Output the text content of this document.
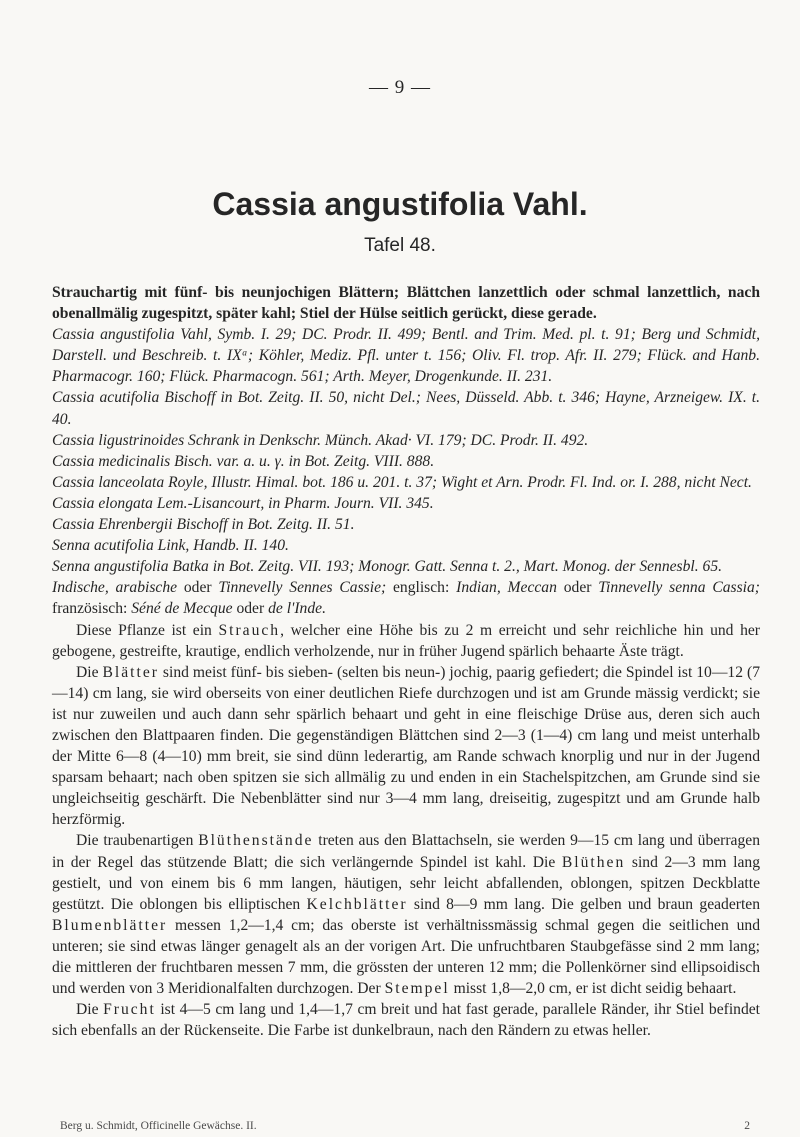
— 9 —
Cassia angustifolia Vahl.
Tafel 48.

Strauchartig mit fünf- bis neunjochigen Blättern; Blättchen lanzettlich oder schmal lanzettlich, nach obenallmälig zugespitzt, später kahl; Stiel der Hülse seitlich gerückt, diese gerade.

Cassia angustifolia Vahl, Symb. I. 29; DC. Prodr. II. 499; Bentl. and Trim. Med. pl. t. 91; Berg und Schmidt, Darstell. und Beschreib. t. IXᵃ; Köhler, Mediz. Pfl. unter t. 156; Oliv. Fl. trop. Afr. II. 279; Flück. and Hanb. Pharmacogr. 160; Flück. Pharmacogn. 561; Arth. Meyer, Drogenkunde. II. 231.

Cassia acutifolia Bischoff in Bot. Zeitg. II. 50, nicht Del.; Nees, Düsseld. Abb. t. 346; Hayne, Arzneigew. IX. t. 40.

Cassia ligustrinoides Schrank in Denkschr. Münch. Akad· VI. 179; DC. Prodr. II. 492.

Cassia medicinalis Bisch. var. a. u. γ. in Bot. Zeitg. VIII. 888.

Cassia lanceolata Royle, Illustr. Himal. bot. 186 u. 201. t. 37; Wight et Arn. Prodr. Fl. Ind. or. I. 288, nicht Nect.

Cassia elongata Lem.-Lisancourt, in Pharm. Journ. VII. 345.

Cassia Ehrenbergii Bischoff in Bot. Zeitg. II. 51.

Senna acutifolia Link, Handb. II. 140.

Senna angustifolia Batka in Bot. Zeitg. VII. 193; Monogr. Gatt. Senna t. 2., Mart. Monog. der Sennesbl. 65.

Indische, arabische oder Tinnevelly Sennes Cassie; englisch: Indian, Meccan oder Tinnevelly senna Cassia; französisch: Séné de Mecque oder de l'Inde.

Diese Pflanze ist ein Strauch, welcher eine Höhe bis zu 2 m erreicht und sehr reichliche hin und her gebogene, gestreifte, krautige, endlich verholzende, nur in früher Jugend spärlich behaarte Äste trägt.

Die Blätter sind meist fünf- bis sieben- (selten bis neun-) jochig, paarig gefiedert; die Spindel ist 10—12 (7—14) cm lang, sie wird oberseits von einer deutlichen Riefe durchzogen und ist am Grunde mässig verdickt; sie ist nur zuweilen und auch dann sehr spärlich behaart und geht in eine fleischige Drüse aus, deren sich auch zwischen den Blattpaaren finden. Die gegenständigen Blättchen sind 2—3 (1—4) cm lang und meist unterhalb der Mitte 6—8 (4—10) mm breit, sie sind dünn lederartig, am Rande schwach knorplig und nur in der Jugend sparsam behaart; nach oben spitzen sie sich allmälig zu und enden in ein Stachelspitzchen, am Grunde sind sie ungleichseitig geschärft. Die Nebenblätter sind nur 3—4 mm lang, dreiseitig, zugespitzt und am Grunde halb herzförmig.

Die traubenartigen Blüthenstände treten aus den Blattachseln, sie werden 9—15 cm lang und überragen in der Regel das stützende Blatt; die sich verlängernde Spindel ist kahl. Die Blüthen sind 2—3 mm lang gestielt, und von einem bis 6 mm langen, häutigen, sehr leicht abfallenden, oblongen, spitzen Deckblatte gestützt. Die oblongen bis elliptischen Kelchblätter sind 8—9 mm lang. Die gelben und braun geaderten Blumenblätter messen 1,2—1,4 cm; das oberste ist verhältnissmässig schmal gegen die seitlichen und unteren; sie sind etwas länger genagelt als an der vorigen Art. Die unfruchtbaren Staubgefässe sind 2 mm lang; die mittleren der fruchtbaren messen 7 mm, die grössten der unteren 12 mm; die Pollenkörner sind ellipsoidisch und werden von 3 Meridionalfalten durchzogen. Der Stempel misst 1,8—2,0 cm, er ist dicht seidig behaart.

Die Frucht ist 4—5 cm lang und 1,4—1,7 cm breit und hat fast gerade, parallele Ränder, ihr Stiel befindet sich ebenfalls an der Rückenseite. Die Farbe ist dunkelbraun, nach den Rändern zu etwas heller.

Berg u. Schmidt, Officinelle Gewächse. II.	2
